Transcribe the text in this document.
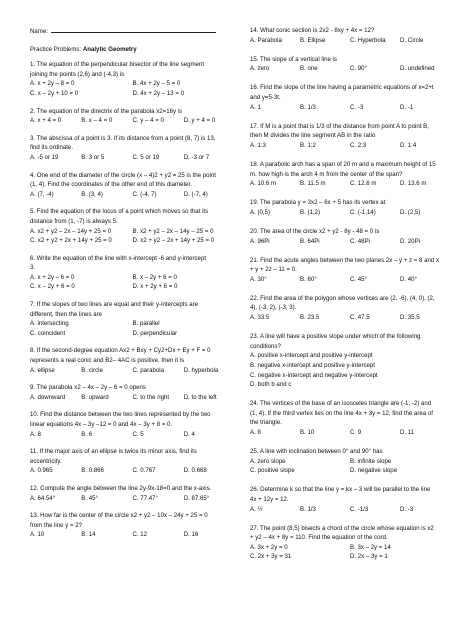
Name:
Practice Problems: Analytic Geometry
1. The equation of the perpendicular bisector of the line segment
joining the points (2,6) and (-4,3) is
A. x + 2y – 8 = 0	B. 4x + 2y – 5 = 0
C. x – 2y + 10 = 0	D. 4x + 2y – 13 = 0
2. The equation of the directrix of the parabola x2=16y is
A. x + 4 = 0	B. x – 4 = 0	C. y – 4 = 0	D. y + 4 = 0
3. The abscissa of a point is 3. If its distance from a point (8, 7) is 13,
find its ordinate.
A. -5 or 19	B. 3 or 5	C. 5 or 19	D. -3 or 7
4. One end of the diameter of the circle (x – 4)2 + y2 = 25 is the point
(1, 4). Find the coordinates of the other end of this diameter.
A. (7, -4)	B. (3, 4)	C. (-4, 7)	D. (-7, 4)
5. Find the equation of the locus of a point which moves so that its
distance from (1, -7) is always 5.
A. x2 + y2 – 2x – 14y + 25 = 0	B. x2 + y2 – 2x – 14y – 25 = 0
C. x2 + y2 + 2x + 14y + 25 = 0	D. x2 + y2 – 2x + 14y + 25 = 0
6. Write the equation of the line with x-intercept -6 and y-intercept
3.
A. x + 2y – 6 = 0	B. x – 2y + 6 = 0
C. x – 2y + 6 = 0	D. x + 2y + 6 = 0
7. If the slopes of two lines are equal and their y-intercepts are
different, then the lines are
A. intersecting	B. parallel
C. coincident	D. perpendicular
8. If the second-degree equation Ax2 + Bxy + Cy2+Dx + Ey + F = 0
represents a real conic and B2– 4AC is positive, then it is
A. ellipse	B. circle	C. parabola	D. hyperbola
9. The parabola x2 – 4x – 2y – 6 = 0 opens
A. downward	B. upward	C. to the right	D. to the left
10. Find the distance between the two lines represented by the two
linear equations 4x – 3y –12 = 0 and 4x – 3y + 8 = 0.
A. 8	B. 6	C. 5	D. 4
11. If the major axis of an ellipse is twice its minor axis, find its
eccentricity.
A. 0.965	B. 0.866	C. 0.767	D. 0.668
12. Compute the angle between the line 2y-9x-18=0 and the x-axis.
A. 64.54°	B. 45°	C. 77.47°	D. 87.65°
13. How far is the center of the circle x2 + y2 – 10x – 24y + 25 = 0
from the line y = 2?
A. 10	B. 14	C. 12	D. 16
14. What conic section is 2x2 - 8xy + 4x = 12?
A. Parabola	B. Ellipse	C. Hyperbola	D. Circle
15. The slope of a vertical line is
A. zero	B. one	C. 90°	D. undefined
16. Find the slope of the line having a parametric equations of x=2+t
and y=5-3t.
A. 1	B. 1/3	C. -3	D. -1
17. If M is a point that is 1/3 of the distance from point A to point B,
then M divides the line segment AB in the ratio
A. 1:3	B. 1:2	C. 2:3	D. 1:4
18. A parabolic arch has a span of 20 m and a maximum height of 15
m. how high is the arch 4 m from the center of the span?
A. 10.6 m	B. 11.5 m	C. 12.6 m	D. 13.6 m
19. The parabola y = 3x2 – 6x + 5 has its vertex at
A. (0,5)	B. (1,2)	C. (-1,14)	D. (2,5)
20. The area of the circle x2 + y2 - 8y - 48 = 0 is
A. 96Pi	B. 64Pi	C. 48Pi	D. 20Pi
21. Find the acute angles between the two planes 2x – y + z = 8 and x
+ y + 2z – 11 = 0.
A. 30°	B. 60°	C. 45°	D. 40°
22. Find the area of the polygon whose vertices are (2, -6), (4, 0), (2,
4), (-3, 2), (-3, 3).
A. 33.5	B. 23.5	C. 47.5	D. 35.5
23. A line will have a positive slope under which of the following
conditions?
A. positive x-intercept and positive y-intercept
B. negative x-intercept and positive y-intercept
C. negative x-intercept and negative y-intercept
D. both b and c
24. The vertices of the base of an isosceles triangle are (-1, -2) and
(1, 4). If the third vertex lies on the line 4x + 3y = 12, find the area of
the triangle.
A. 8	B. 10	C. 9	D. 11
25. A line with inclination between 0° and 90° has
A. zero slope	B. infinite slope
C. positive slope	D. negative slope
26. Determine k so that the line y = kx – 3 will be parallel to the line
4x + 12y = 12.
A. ½	B. 1/3	C. -1/3	D. -3
27. The point (8,5) bisects a chord of the circle whose equation is x2
+ y2 – 4x + 8y = 110. Find the equation of the cord.
A. 3x + 2y = 0	B. 3x – 2y = 14
C. 2x + 3y = 31	D. 2x – 3y = 1
